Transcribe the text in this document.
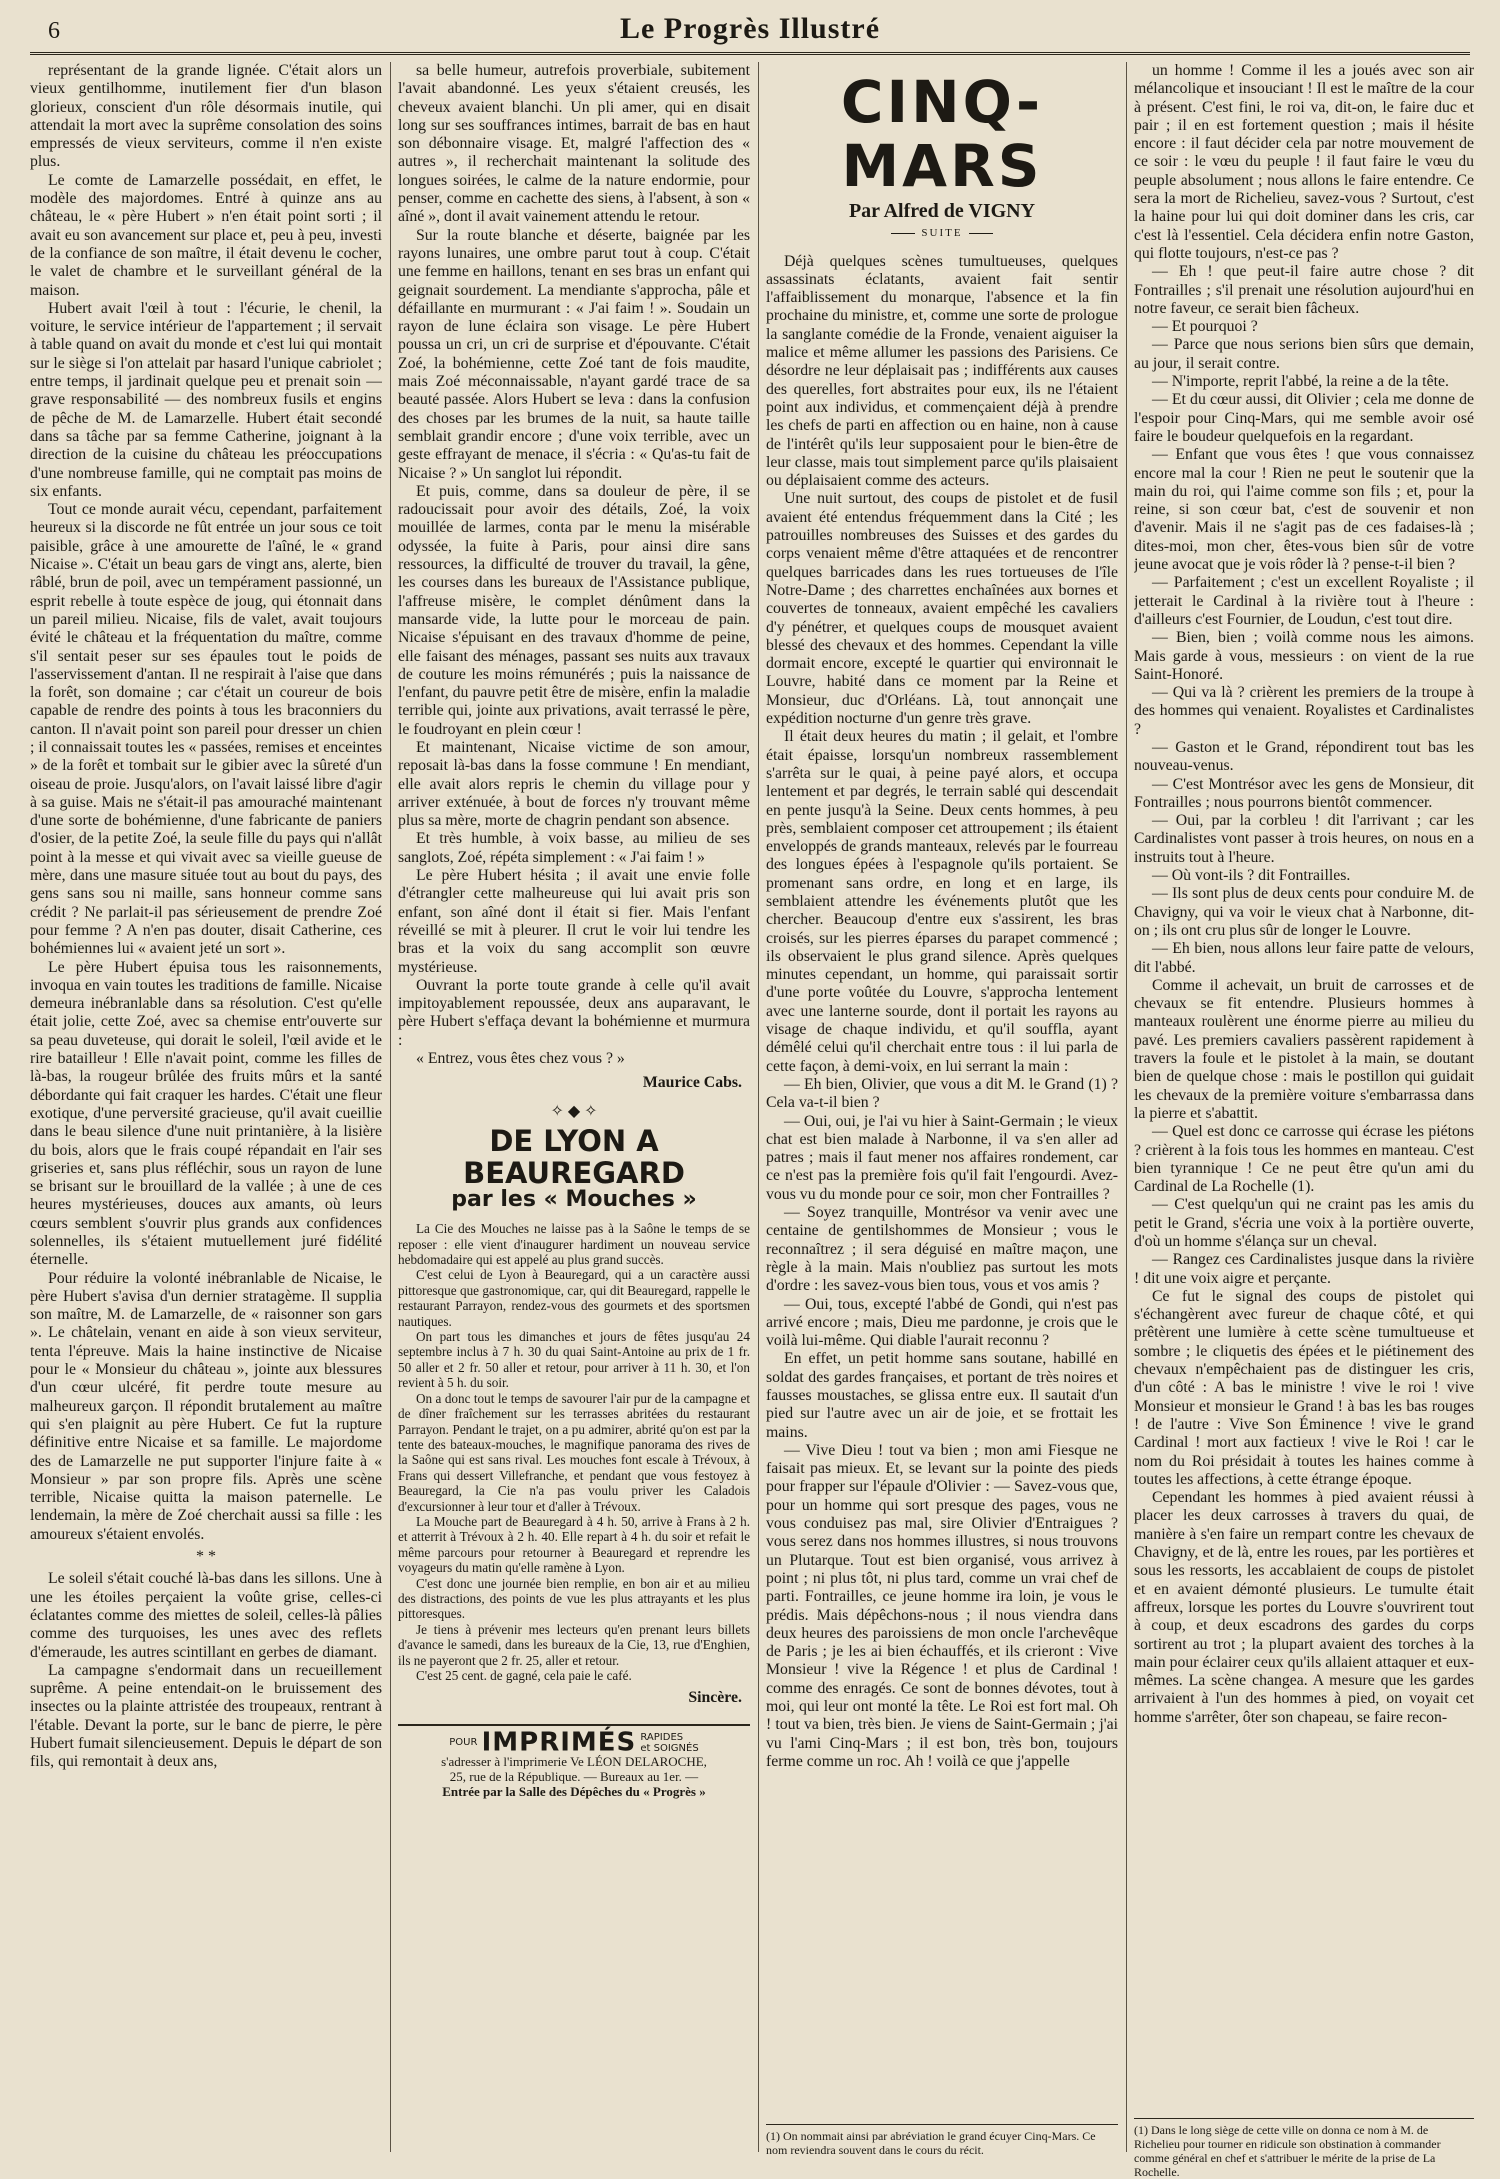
6	Le Progrès Illustré

représentant de la grande lignée. C'était alors un vieux gentilhomme, inutilement fier d'un blason glorieux, conscient d'un rôle désormais inutile, qui attendait la mort avec la suprême consolation des soins empressés de vieux serviteurs, comme il n'en existe plus.

Le comte de Lamarzelle possédait, en effet, le modèle des majordomes. Entré à quinze ans au château, le « père Hubert » n'en était point sorti ; il avait eu son avancement sur place et, peu à peu, investi de la confiance de son maître, il était devenu le cocher, le valet de chambre et le surveillant général de la maison.

Hubert avait l'œil à tout : l'écurie, le chenil, la voiture, le service intérieur de l'appartement ; il servait à table quand on avait du monde et c'est lui qui montait sur le siège si l'on attelait par hasard l'unique cabriolet ; entre temps, il jardinait quelque peu et prenait soin — grave responsabilité — des nombreux fusils et engins de pêche de M. de Lamarzelle. Hubert était secondé dans sa tâche par sa femme Catherine, joignant à la direction de la cuisine du château les préoccupations d'une nombreuse famille, qui ne comptait pas moins de six enfants.

Tout ce monde aurait vécu, cependant, parfaitement heureux si la discorde ne fût entrée un jour sous ce toit paisible, grâce à une amourette de l'aîné, le « grand Nicaise ». C'était un beau gars de vingt ans, alerte, bien râblé, brun de poil, avec un tempérament passionné, un esprit rebelle à toute espèce de joug, qui étonnait dans un pareil milieu. Nicaise, fils de valet, avait toujours évité le château et la fréquentation du maître, comme s'il sentait peser sur ses épaules tout le poids de l'asservissement d'antan. Il ne respirait à l'aise que dans la forêt, son domaine ; car c'était un coureur de bois capable de rendre des points à tous les braconniers du canton. Il n'avait point son pareil pour dresser un chien ; il connaissait toutes les « passées, remises et enceintes » de la forêt et tombait sur le gibier avec la sûreté d'un oiseau de proie. Jusqu'alors, on l'avait laissé libre d'agir à sa guise. Mais ne s'était-il pas amouraché maintenant d'une sorte de bohémienne, d'une fabricante de paniers d'osier, de la petite Zoé, la seule fille du pays qui n'allât point à la messe et qui vivait avec sa vieille gueuse de mère, dans une masure située tout au bout du pays, des gens sans sou ni maille, sans honneur comme sans crédit ? Ne parlait-il pas sérieusement de prendre Zoé pour femme ? A n'en pas douter, disait Catherine, ces bohémiennes lui « avaient jeté un sort ».

Le père Hubert épuisa tous les raisonnements, invoqua en vain toutes les traditions de famille. Nicaise demeura inébranlable dans sa résolution. C'est qu'elle était jolie, cette Zoé, avec sa chemise entr'ouverte sur sa peau duveteuse, qui dorait le soleil, l'œil avide et le rire batailleur ! Elle n'avait point, comme les filles de là-bas, la rougeur brûlée des fruits mûrs et la santé débordante qui fait craquer les hardes. C'était une fleur exotique, d'une perversité gracieuse, qu'il avait cueillie dans le beau silence d'une nuit printanière, à la lisière du bois, alors que le frais coupé répandait en l'air ses griseries et, sans plus réfléchir, sous un rayon de lune se brisant sur le brouillard de la vallée ; à une de ces heures mystérieuses, douces aux amants, où leurs cœurs semblent s'ouvrir plus grands aux confidences solennelles, ils s'étaient mutuellement juré fidélité éternelle.

Pour réduire la volonté inébranlable de Nicaise, le père Hubert s'avisa d'un dernier stratagème. Il supplia son maître, M. de Lamarzelle, de « raisonner son gars ». Le châtelain, venant en aide à son vieux serviteur, tenta l'épreuve. Mais la haine instinctive de Nicaise pour le « Monsieur du château », jointe aux blessures d'un cœur ulcéré, fit perdre toute mesure au malheureux garçon. Il répondit brutalement au maître qui s'en plaignit au père Hubert. Ce fut la rupture définitive entre Nicaise et sa famille. Le majordome des de Lamarzelle ne put supporter l'injure faite à « Monsieur » par son propre fils. Après une scène terrible, Nicaise quitta la maison paternelle. Le lendemain, la mère de Zoé cherchait aussi sa fille : les amoureux s'étaient envolés.

* *

Le soleil s'était couché là-bas dans les sillons. Une à une les étoiles perçaient la voûte grise, celles-ci éclatantes comme des miettes de soleil, celles-là pâlies comme des turquoises, les unes avec des reflets d'émeraude, les autres scintillant en gerbes de diamant.

La campagne s'endormait dans un recueillement suprême. A peine entendait-on le bruissement des insectes ou la plainte attristée des troupeaux, rentrant à l'étable. Devant la porte, sur le banc de pierre, le père Hubert fumait silencieusement. Depuis le départ de son fils, qui remontait à deux ans,

sa belle humeur, autrefois proverbiale, subitement l'avait abandonné. Les yeux s'étaient creusés, les cheveux avaient blanchi. Un pli amer, qui en disait long sur ses souffrances intimes, barrait de bas en haut son débonnaire visage. Et, malgré l'affection des « autres », il recherchait maintenant la solitude des longues soirées, le calme de la nature endormie, pour penser, comme en cachette des siens, à l'absent, à son « aîné », dont il avait vainement attendu le retour.

Sur la route blanche et déserte, baignée par les rayons lunaires, une ombre parut tout à coup. C'était une femme en haillons, tenant en ses bras un enfant qui geignait sourdement. La mendiante s'approcha, pâle et défaillante en murmurant : « J'ai faim ! ». Soudain un rayon de lune éclaira son visage. Le père Hubert poussa un cri, un cri de surprise et d'épouvante. C'était Zoé, la bohémienne, cette Zoé tant de fois maudite, mais Zoé méconnaissable, n'ayant gardé trace de sa beauté passée. Alors Hubert se leva : dans la confusion des choses par les brumes de la nuit, sa haute taille semblait grandir encore ; d'une voix terrible, avec un geste effrayant de menace, il s'écria : « Qu'as-tu fait de Nicaise ? » Un sanglot lui répondit.

Et puis, comme, dans sa douleur de père, il se radoucissait pour avoir des détails, Zoé, la voix mouillée de larmes, conta par le menu la misérable odyssée, la fuite à Paris, pour ainsi dire sans ressources, la difficulté de trouver du travail, la gêne, les courses dans les bureaux de l'Assistance publique, l'affreuse misère, le complet dénûment dans la mansarde vide, la lutte pour le morceau de pain. Nicaise s'épuisant en des travaux d'homme de peine, elle faisant des ménages, passant ses nuits aux travaux de couture les moins rémunérés ; puis la naissance de l'enfant, du pauvre petit être de misère, enfin la maladie terrible qui, jointe aux privations, avait terrassé le père, le foudroyant en plein cœur !

Et maintenant, Nicaise victime de son amour, reposait là-bas dans la fosse commune ! En mendiant, elle avait alors repris le chemin du village pour y arriver exténuée, à bout de forces n'y trouvant même plus sa mère, morte de chagrin pendant son absence.

Et très humble, à voix basse, au milieu de ses sanglots, Zoé, répéta simplement : « J'ai faim ! »

Le père Hubert hésita ; il avait une envie folle d'étrangler cette malheureuse qui lui avait pris son enfant, son aîné dont il était si fier. Mais l'enfant réveillé se mit à pleurer. Il crut le voir lui tendre les bras et la voix du sang accomplit son œuvre mystérieuse.

Ouvrant la porte toute grande à celle qu'il avait impitoyablement repoussée, deux ans auparavant, le père Hubert s'effaça devant la bohémienne et murmura :

« Entrez, vous êtes chez vous ? »

Maurice Cabs.
✧ ◆ ✧
DE LYON A BEAUREGARD
par les « Mouches »

La Cie des Mouches ne laisse pas à la Saône le temps de se reposer : elle vient d'inaugurer hardiment un nouveau service hebdomadaire qui est appelé au plus grand succès.

C'est celui de Lyon à Beauregard, qui a un caractère aussi pittoresque que gastronomique, car, qui dit Beauregard, rappelle le restaurant Parrayon, rendez-vous des gourmets et des sportsmen nautiques.

On part tous les dimanches et jours de fêtes jusqu'au 24 septembre inclus à 7 h. 30 du quai Saint-Antoine au prix de 1 fr. 50 aller et 2 fr. 50 aller et retour, pour arriver à 11 h. 30, et l'on revient à 5 h. du soir.

On a donc tout le temps de savourer l'air pur de la campagne et de dîner fraîchement sur les terrasses abritées du restaurant Parrayon. Pendant le trajet, on a pu admirer, abrité qu'on est par la tente des bateaux-mouches, le magnifique panorama des rives de la Saône qui est sans rival. Les mouches font escale à Trévoux, à Frans qui dessert Villefranche, et pendant que vous festoyez à Beauregard, la Cie n'a pas voulu priver les Caladois d'excursionner à leur tour et d'aller à Trévoux.

La Mouche part de Beauregard à 4 h. 50, arrive à Frans à 2 h. et atterrit à Trévoux à 2 h. 40. Elle repart à 4 h. du soir et refait le même parcours pour retourner à Beauregard et reprendre les voyageurs du matin qu'elle ramène à Lyon.

C'est donc une journée bien remplie, en bon air et au milieu des distractions, des points de vue les plus attrayants et les plus pittoresques.

Je tiens à prévenir mes lecteurs qu'en prenant leurs billets d'avance le samedi, dans les bureaux de la Cie, 13, rue d'Enghien, ils ne payeront que 2 fr. 25, aller et retour.

C'est 25 cent. de gagné, cela paie le café.

Sincère.
POUR IMPRIMÉS RAPIDES
et SOIGNÉS
s'adresser à l'imprimerie Ve LÉON DELAROCHE,
25, rue de la République. — Bureaux au 1er. —
Entrée par la Salle des Dépêches du « Progrès »
CINQ-MARS
Par Alfred de VIGNY
SUITE

Déjà quelques scènes tumultueuses, quelques assassinats éclatants, avaient fait sentir l'affaiblissement du monarque, l'absence et la fin prochaine du ministre, et, comme une sorte de prologue la sanglante comédie de la Fronde, venaient aiguiser la malice et même allumer les passions des Parisiens. Ce désordre ne leur déplaisait pas ; indifférents aux causes des querelles, fort abstraites pour eux, ils ne l'étaient point aux individus, et commençaient déjà à prendre les chefs de parti en affection ou en haine, non à cause de l'intérêt qu'ils leur supposaient pour le bien-être de leur classe, mais tout simplement parce qu'ils plaisaient ou déplaisaient comme des acteurs.

Une nuit surtout, des coups de pistolet et de fusil avaient été entendus fréquemment dans la Cité ; les patrouilles nombreuses des Suisses et des gardes du corps venaient même d'être attaquées et de rencontrer quelques barricades dans les rues tortueuses de l'île Notre-Dame ; des charrettes enchaînées aux bornes et couvertes de tonneaux, avaient empêché les cavaliers d'y pénétrer, et quelques coups de mousquet avaient blessé des chevaux et des hommes. Cependant la ville dormait encore, excepté le quartier qui environnait le Louvre, habité dans ce moment par la Reine et Monsieur, duc d'Orléans. Là, tout annonçait une expédition nocturne d'un genre très grave.

Il était deux heures du matin ; il gelait, et l'ombre était épaisse, lorsqu'un nombreux rassemblement s'arrêta sur le quai, à peine payé alors, et occupa lentement et par degrés, le terrain sablé qui descendait en pente jusqu'à la Seine. Deux cents hommes, à peu près, semblaient composer cet attroupement ; ils étaient enveloppés de grands manteaux, relevés par le fourreau des longues épées à l'espagnole qu'ils portaient. Se promenant sans ordre, en long et en large, ils semblaient attendre les événements plutôt que les chercher. Beaucoup d'entre eux s'assirent, les bras croisés, sur les pierres éparses du parapet commencé ; ils observaient le plus grand silence. Après quelques minutes cependant, un homme, qui paraissait sortir d'une porte voûtée du Louvre, s'approcha lentement avec une lanterne sourde, dont il portait les rayons au visage de chaque individu, et qu'il souffla, ayant démêlé celui qu'il cherchait entre tous : il lui parla de cette façon, à demi-voix, en lui serrant la main :

— Eh bien, Olivier, que vous a dit M. le Grand (1) ? Cela va-t-il bien ?

— Oui, oui, je l'ai vu hier à Saint-Germain ; le vieux chat est bien malade à Narbonne, il va s'en aller ad patres ; mais il faut mener nos affaires rondement, car ce n'est pas la première fois qu'il fait l'engourdi. Avez-vous vu du monde pour ce soir, mon cher Fontrailles ?

— Soyez tranquille, Montrésor va venir avec une centaine de gentilshommes de Monsieur ; vous le reconnaîtrez ; il sera déguisé en maître maçon, une règle à la main. Mais n'oubliez pas surtout les mots d'ordre : les savez-vous bien tous, vous et vos amis ?

— Oui, tous, excepté l'abbé de Gondi, qui n'est pas arrivé encore ; mais, Dieu me pardonne, je crois que le voilà lui-même. Qui diable l'aurait reconnu ?

En effet, un petit homme sans soutane, habillé en soldat des gardes françaises, et portant de très noires et fausses moustaches, se glissa entre eux. Il sautait d'un pied sur l'autre avec un air de joie, et se frottait les mains.

— Vive Dieu ! tout va bien ; mon ami Fiesque ne faisait pas mieux. Et, se levant sur la pointe des pieds pour frapper sur l'épaule d'Olivier : — Savez-vous que, pour un homme qui sort presque des pages, vous ne vous conduisez pas mal, sire Olivier d'Entraigues ? vous serez dans nos hommes illustres, si nous trouvons un Plutarque. Tout est bien organisé, vous arrivez à point ; ni plus tôt, ni plus tard, comme un vrai chef de parti. Fontrailles, ce jeune homme ira loin, je vous le prédis. Mais dépêchons-nous ; il nous viendra dans deux heures des paroissiens de mon oncle l'archevêque de Paris ; je les ai bien échauffés, et ils crieront : Vive Monsieur ! vive la Régence ! et plus de Cardinal ! comme des enragés. Ce sont de bonnes dévotes, tout à moi, qui leur ont monté la tête. Le Roi est fort mal. Oh ! tout va bien, très bien. Je viens de Saint-Germain ; j'ai vu l'ami Cinq-Mars ; il est bon, très bon, toujours ferme comme un roc. Ah ! voilà ce que j'appelle

(1) On nommait ainsi par abréviation le grand écuyer Cinq-Mars. Ce nom reviendra souvent dans le cours du récit.

un homme ! Comme il les a joués avec son air mélancolique et insouciant ! Il est le maître de la cour à présent. C'est fini, le roi va, dit-on, le faire duc et pair ; il en est fortement question ; mais il hésite encore : il faut décider cela par notre mouvement de ce soir : le vœu du peuple ! il faut faire le vœu du peuple absolument ; nous allons le faire entendre. Ce sera la mort de Richelieu, savez-vous ? Surtout, c'est la haine pour lui qui doit dominer dans les cris, car c'est là l'essentiel. Cela décidera enfin notre Gaston, qui flotte toujours, n'est-ce pas ?

— Eh ! que peut-il faire autre chose ? dit Fontrailles ; s'il prenait une résolution aujourd'hui en notre faveur, ce serait bien fâcheux.

— Et pourquoi ?

— Parce que nous serions bien sûrs que demain, au jour, il serait contre.

— N'importe, reprit l'abbé, la reine a de la tête.

— Et du cœur aussi, dit Olivier ; cela me donne de l'espoir pour Cinq-Mars, qui me semble avoir osé faire le boudeur quelquefois en la regardant.

— Enfant que vous êtes ! que vous connaissez encore mal la cour ! Rien ne peut le soutenir que la main du roi, qui l'aime comme son fils ; et, pour la reine, si son cœur bat, c'est de souvenir et non d'avenir. Mais il ne s'agit pas de ces fadaises-là ; dites-moi, mon cher, êtes-vous bien sûr de votre jeune avocat que je vois rôder là ? pense-t-il bien ?

— Parfaitement ; c'est un excellent Royaliste ; il jetterait le Cardinal à la rivière tout à l'heure : d'ailleurs c'est Fournier, de Loudun, c'est tout dire.

— Bien, bien ; voilà comme nous les aimons. Mais garde à vous, messieurs : on vient de la rue Saint-Honoré.

— Qui va là ? crièrent les premiers de la troupe à des hommes qui venaient. Royalistes et Cardinalistes ?

— Gaston et le Grand, répondirent tout bas les nouveau-venus.

— C'est Montrésor avec les gens de Monsieur, dit Fontrailles ; nous pourrons bientôt commencer.

— Oui, par la corbleu ! dit l'arrivant ; car les Cardinalistes vont passer à trois heures, on nous en a instruits tout à l'heure.

— Où vont-ils ? dit Fontrailles.

— Ils sont plus de deux cents pour conduire M. de Chavigny, qui va voir le vieux chat à Narbonne, dit-on ; ils ont cru plus sûr de longer le Louvre.

— Eh bien, nous allons leur faire patte de velours, dit l'abbé.

Comme il achevait, un bruit de carrosses et de chevaux se fit entendre. Plusieurs hommes à manteaux roulèrent une énorme pierre au milieu du pavé. Les premiers cavaliers passèrent rapidement à travers la foule et le pistolet à la main, se doutant bien de quelque chose : mais le postillon qui guidait les chevaux de la première voiture s'embarrassa dans la pierre et s'abattit.

— Quel est donc ce carrosse qui écrase les piétons ? crièrent à la fois tous les hommes en manteau. C'est bien tyrannique ! Ce ne peut être qu'un ami du Cardinal de La Rochelle (1).

— C'est quelqu'un qui ne craint pas les amis du petit le Grand, s'écria une voix à la portière ouverte, d'où un homme s'élança sur un cheval.

— Rangez ces Cardinalistes jusque dans la rivière ! dit une voix aigre et perçante.

Ce fut le signal des coups de pistolet qui s'échangèrent avec fureur de chaque côté, et qui prêtèrent une lumière à cette scène tumultueuse et sombre ; le cliquetis des épées et le piétinement des chevaux n'empêchaient pas de distinguer les cris, d'un côté : A bas le ministre ! vive le roi ! vive Monsieur et monsieur le Grand ! à bas les bas rouges ! de l'autre : Vive Son Éminence ! vive le grand Cardinal ! mort aux factieux ! vive le Roi ! car le nom du Roi présidait à toutes les haines comme à toutes les affections, à cette étrange époque.

Cependant les hommes à pied avaient réussi à placer les deux carrosses à travers du quai, de manière à s'en faire un rempart contre les chevaux de Chavigny, et de là, entre les roues, par les portières et sous les ressorts, les accablaient de coups de pistolet et en avaient démonté plusieurs. Le tumulte était affreux, lorsque les portes du Louvre s'ouvrirent tout à coup, et deux escadrons des gardes du corps sortirent au trot ; la plupart avaient des torches à la main pour éclairer ceux qu'ils allaient attaquer et eux-mêmes. La scène changea. A mesure que les gardes arrivaient à l'un des hommes à pied, on voyait cet homme s'arrêter, ôter son chapeau, se faire recon-

(1) Dans le long siège de cette ville on donna ce nom à M. de Richelieu pour tourner en ridicule son obstination à commander comme général en chef et s'attribuer le mérite de la prise de La Rochelle.
